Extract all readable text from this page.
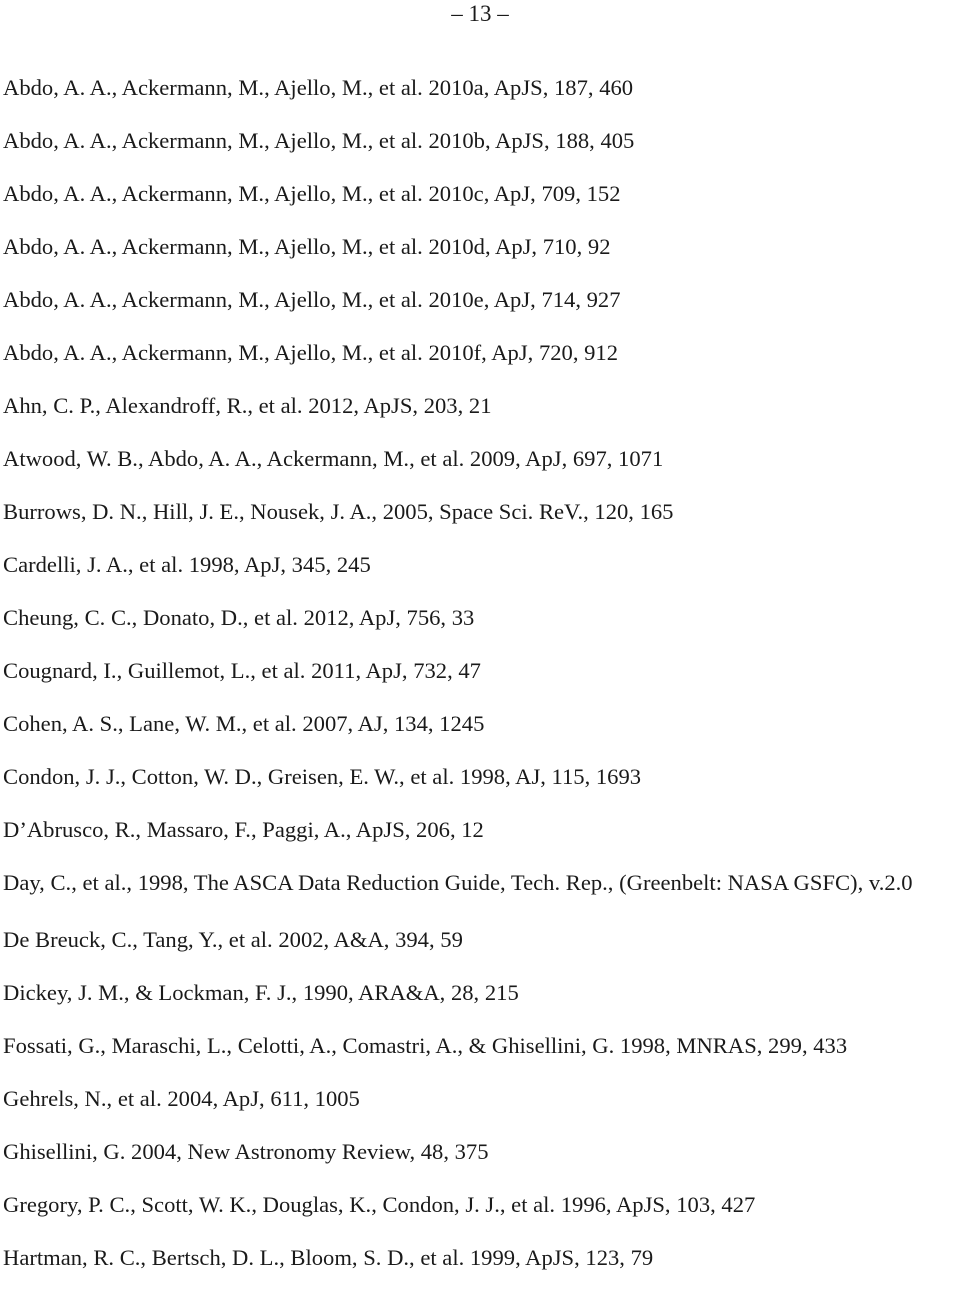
– 13 –
Abdo, A. A., Ackermann, M., Ajello, M., et al. 2010a, ApJS, 187, 460
Abdo, A. A., Ackermann, M., Ajello, M., et al. 2010b, ApJS, 188, 405
Abdo, A. A., Ackermann, M., Ajello, M., et al. 2010c, ApJ, 709, 152
Abdo, A. A., Ackermann, M., Ajello, M., et al. 2010d, ApJ, 710, 92
Abdo, A. A., Ackermann, M., Ajello, M., et al. 2010e, ApJ, 714, 927
Abdo, A. A., Ackermann, M., Ajello, M., et al. 2010f, ApJ, 720, 912
Ahn, C. P., Alexandroff, R., et al. 2012, ApJS, 203, 21
Atwood, W. B., Abdo, A. A., Ackermann, M., et al. 2009, ApJ, 697, 1071
Burrows, D. N., Hill, J. E., Nousek, J. A., 2005, Space Sci. ReV., 120, 165
Cardelli, J. A., et al. 1998, ApJ, 345, 245
Cheung, C. C., Donato, D., et al. 2012, ApJ, 756, 33
Cougnard, I., Guillemot, L., et al. 2011, ApJ, 732, 47
Cohen, A. S., Lane, W. M., et al. 2007, AJ, 134, 1245
Condon, J. J., Cotton, W. D., Greisen, E. W., et al. 1998, AJ, 115, 1693
D’Abrusco, R., Massaro, F., Paggi, A., ApJS, 206, 12
Day, C., et al., 1998, The ASCA Data Reduction Guide, Tech. Rep., (Greenbelt: NASA GSFC), v.2.0
De Breuck, C., Tang, Y., et al. 2002, A&A, 394, 59
Dickey, J. M., & Lockman, F. J., 1990, ARA&A, 28, 215
Fossati, G., Maraschi, L., Celotti, A., Comastri, A., & Ghisellini, G. 1998, MNRAS, 299, 433
Gehrels, N., et al. 2004, ApJ, 611, 1005
Ghisellini, G. 2004, New Astronomy Review, 48, 375
Gregory, P. C., Scott, W. K., Douglas, K., Condon, J. J., et al. 1996, ApJS, 103, 427
Hartman, R. C., Bertsch, D. L., Bloom, S. D., et al. 1999, ApJS, 123, 79
